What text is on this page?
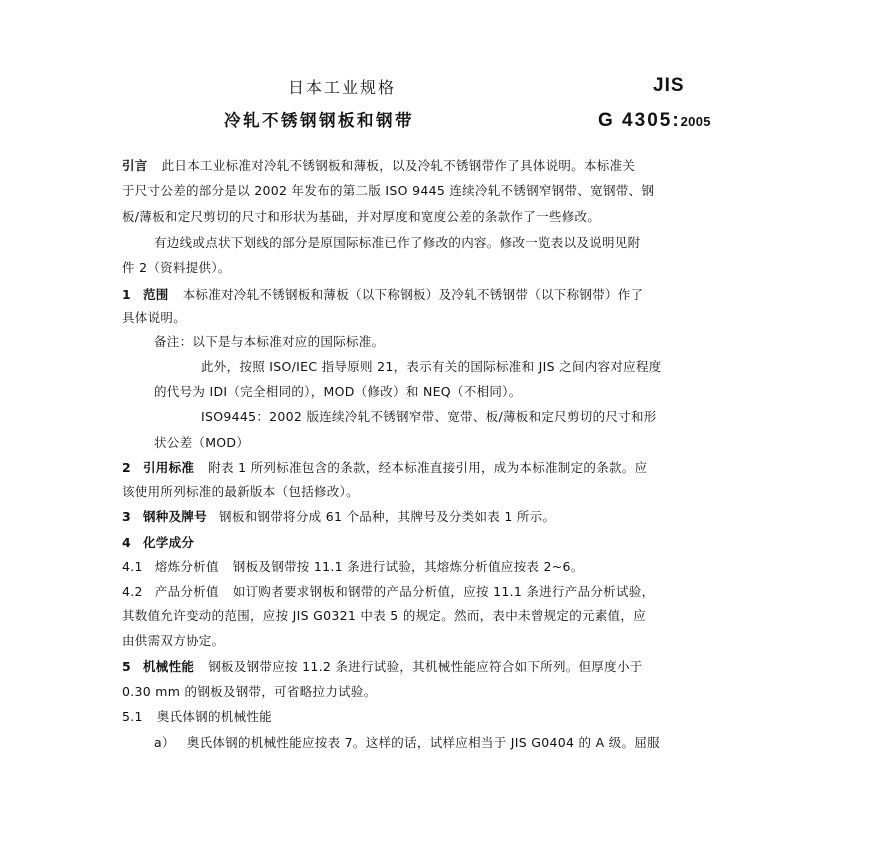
日本工业规格	JIS
冷轧不锈钢钢板和钢带	G 4305:2005
引言 此日本工业标准对冷轧不锈钢板和薄板，以及冷轧不锈钢带作了具体说明。本标准关
于尺寸公差的部分是以 2002 年发布的第二版 ISO 9445 连续冷轧不锈钢窄钢带、宽钢带、钢
板/薄板和定尺剪切的尺寸和形状为基础，并对厚度和宽度公差的条款作了一些修改。
有边线或点状下划线的部分是原国际标准已作了修改的内容。修改一览表以及说明见附
件 2（资料提供）。
1 范围 本标准对冷轧不锈钢板和薄板（以下称钢板）及冷轧不锈钢带（以下称钢带）作了
具体说明。
备注：以下是与本标准对应的国际标准。
此外，按照 ISO/IEC 指导原则 21，表示有关的国际标准和 JIS 之间内容对应程度
的代号为 IDI（完全相同的），MOD（修改）和 NEQ（不相同）。
ISO9445：2002 版连续冷轧不锈钢窄带、宽带、板/薄板和定尺剪切的尺寸和形
状公差（MOD）
2 引用标准 附表 1 所列标准包含的条款，经本标准直接引用，成为本标准制定的条款。应
该使用所列标准的最新版本（包括修改）。
3 钢种及牌号 钢板和钢带将分成 61 个品种，其牌号及分类如表 1 所示。
4 化学成分
4.1 熔炼分析值 钢板及钢带按 11.1 条进行试验，其熔炼分析值应按表 2~6。
4.2 产品分析值 如订购者要求钢板和钢带的产品分析值，应按 11.1 条进行产品分析试验，
其数值允许变动的范围，应按 JIS G0321 中表 5 的规定。然而，表中未曾规定的元素值，应
由供需双方协定。
5 机械性能 钢板及钢带应按 11.2 条进行试验，其机械性能应符合如下所列。但厚度小于
0.30 mm 的钢板及钢带，可省略拉力试验。
5.1 奥氏体钢的机械性能
a） 奥氏体钢的机械性能应按表 7。这样的话，试样应相当于 JIS G0404 的 A 级。屈服
